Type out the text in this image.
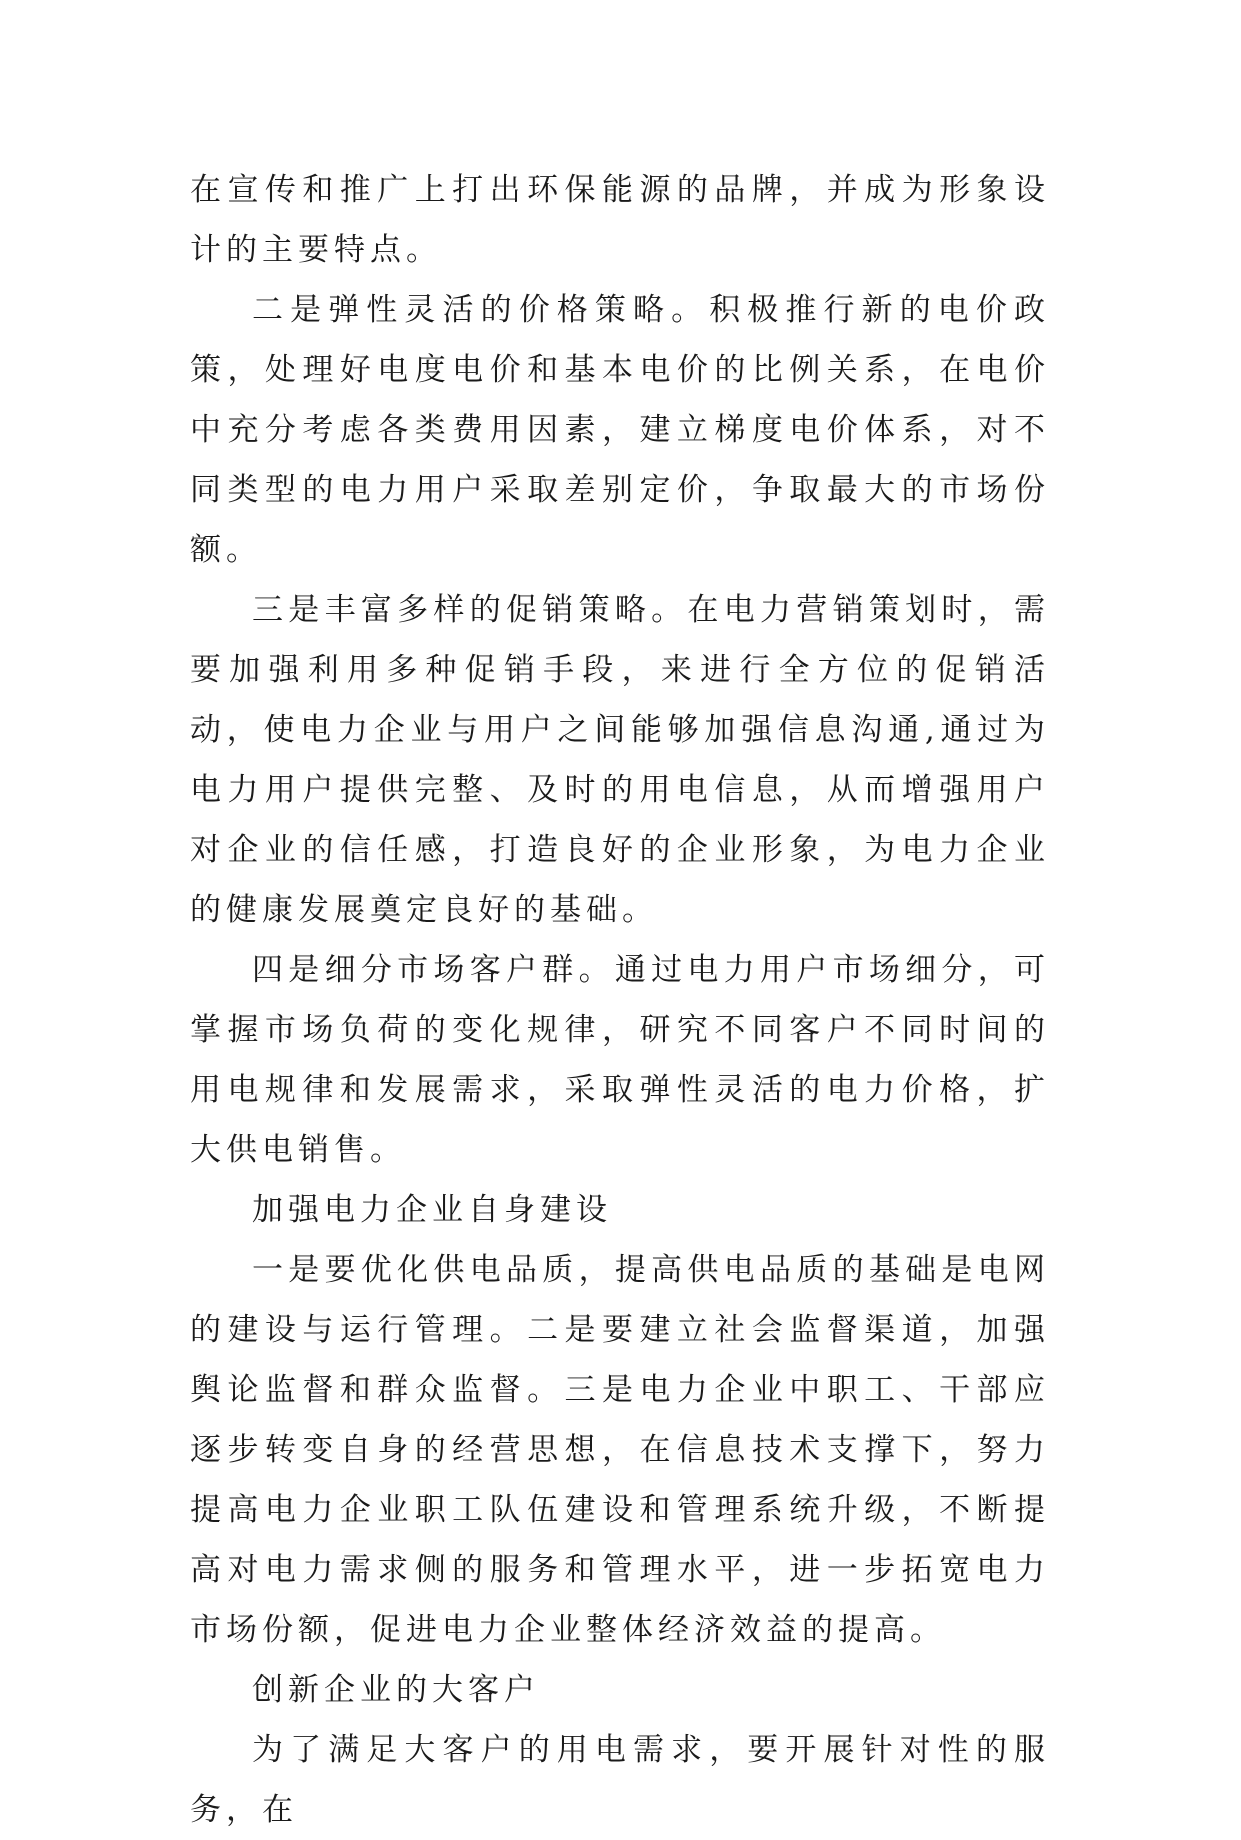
在宣传和推广上打出环保能源的品牌，并成为形象设计的主要特点。

二是弹性灵活的价格策略。积极推行新的电价政策，处理好电度电价和基本电价的比例关系，在电价中充分考虑各类费用因素，建立梯度电价体系，对不同类型的电力用户采取差别定价，争取最大的市场份额。

三是丰富多样的促销策略。在电力营销策划时，需要加强利用多种促销手段，来进行全方位的促销活动，使电力企业与用户之间能够加强信息沟通,通过为电力用户提供完整、及时的用电信息，从而增强用户对企业的信任感，打造良好的企业形象，为电力企业的健康发展奠定良好的基础。

四是细分市场客户群。通过电力用户市场细分，可掌握市场负荷的变化规律，研究不同客户不同时间的用电规律和发展需求，采取弹性灵活的电力价格，扩大供电销售。

加强电力企业自身建设

一是要优化供电品质，提高供电品质的基础是电网的建设与运行管理。二是要建立社会监督渠道，加强舆论监督和群众监督。三是电力企业中职工、干部应逐步转变自身的经营思想，在信息技术支撑下，努力提高电力企业职工队伍建设和管理系统升级，不断提高对电力需求侧的服务和管理水平，进一步拓宽电力市场份额，促进电力企业整体经济效益的提高。

创新企业的大客户

为了满足大客户的用电需求，要开展针对性的服务，在
